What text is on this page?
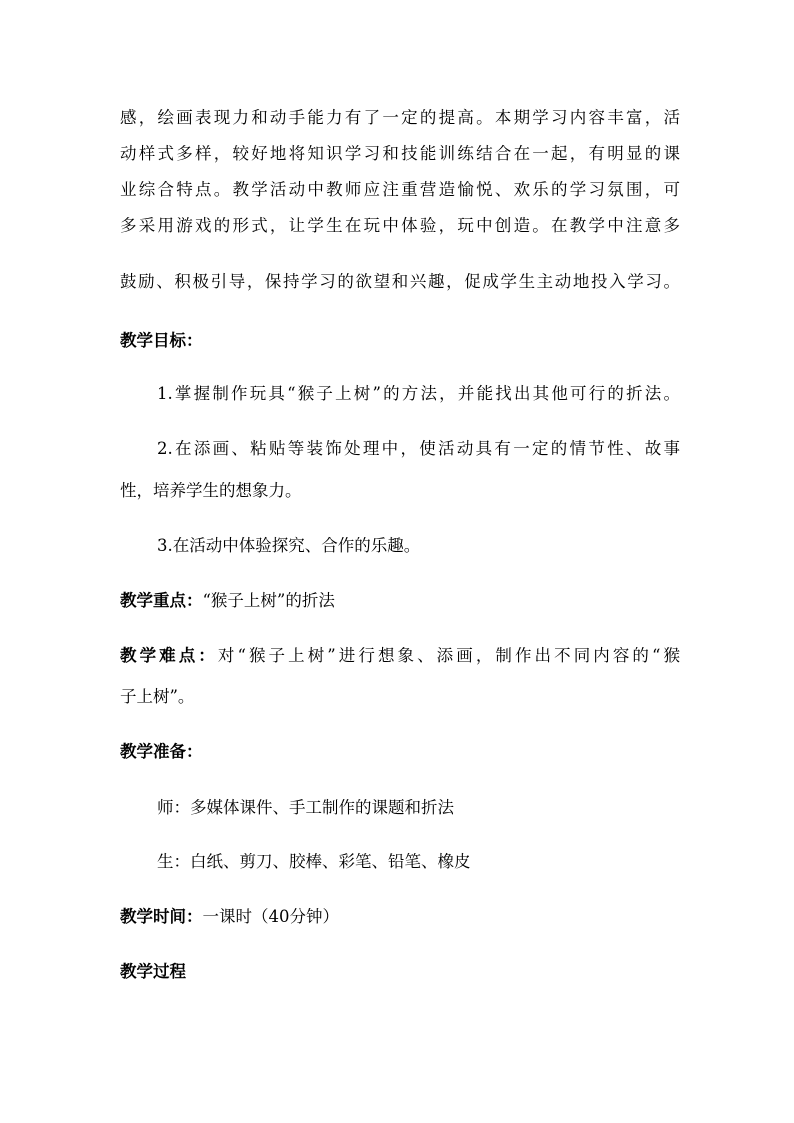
感，绘画表现力和动手能力有了一定的提高。本期学习内容丰富，活
动样式多样，较好地将知识学习和技能训练结合在一起，有明显的课
业综合特点。教学活动中教师应注重营造愉悦、欢乐的学习氛围，可
多采用游戏的形式，让学生在玩中体验，玩中创造。在教学中注意多
鼓励、积极引导，保持学习的欲望和兴趣，促成学生主动地投入学习。
教学目标：
1.掌握制作玩具“猴子上树”的方法，并能找出其他可行的折法。
2.在添画、粘贴等装饰处理中，使活动具有一定的情节性、故事
性，培养学生的想象力。
3.在活动中体验探究、合作的乐趣。
教学重点：“猴子上树”的折法
教学难点：对“猴子上树”进行想象、添画，制作出不同内容的“猴
子上树”。
教学准备：
师：多媒体课件、手工制作的课题和折法
生：白纸、剪刀、胶棒、彩笔、铅笔、橡皮
教学时间：一课时（40分钟）
教学过程
